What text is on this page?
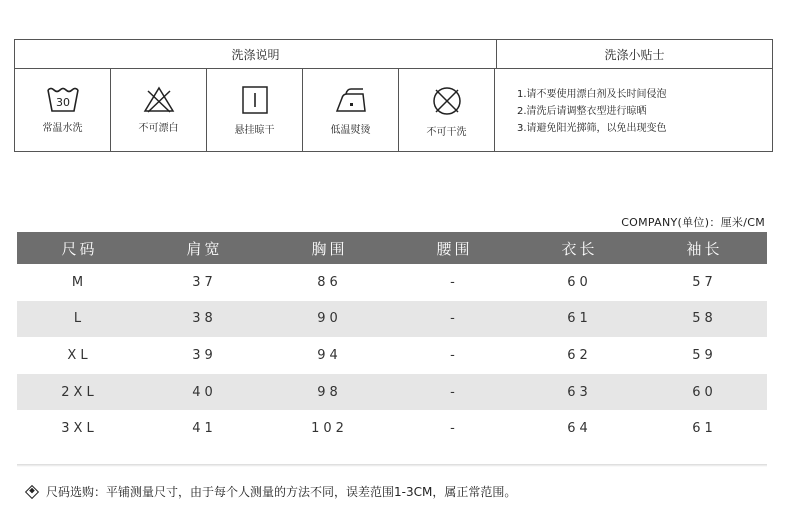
洗涤说明	洗涤小贴士
30
常温水洗	不可漂白	悬挂晾干	低温熨烫	不可干洗
1.请不要使用漂白剂及长时间侵泡
2.清洗后请调整衣型进行晾晒
3.请避免阳光掷筛，以免出现变色
COMPANY(单位)：厘米/CM
尺码	肩宽	胸围	腰围	衣长	袖长
M	37	86	-	60	57
L	38	90	-	61	58
XL	39	94	-	62	59
2XL	40	98	-	63	60
3XL	41	102	-	64	61
尺码选购：平铺测量尺寸，由于每个人测量的方法不同，误差范围1-3CM，属正常范围。
